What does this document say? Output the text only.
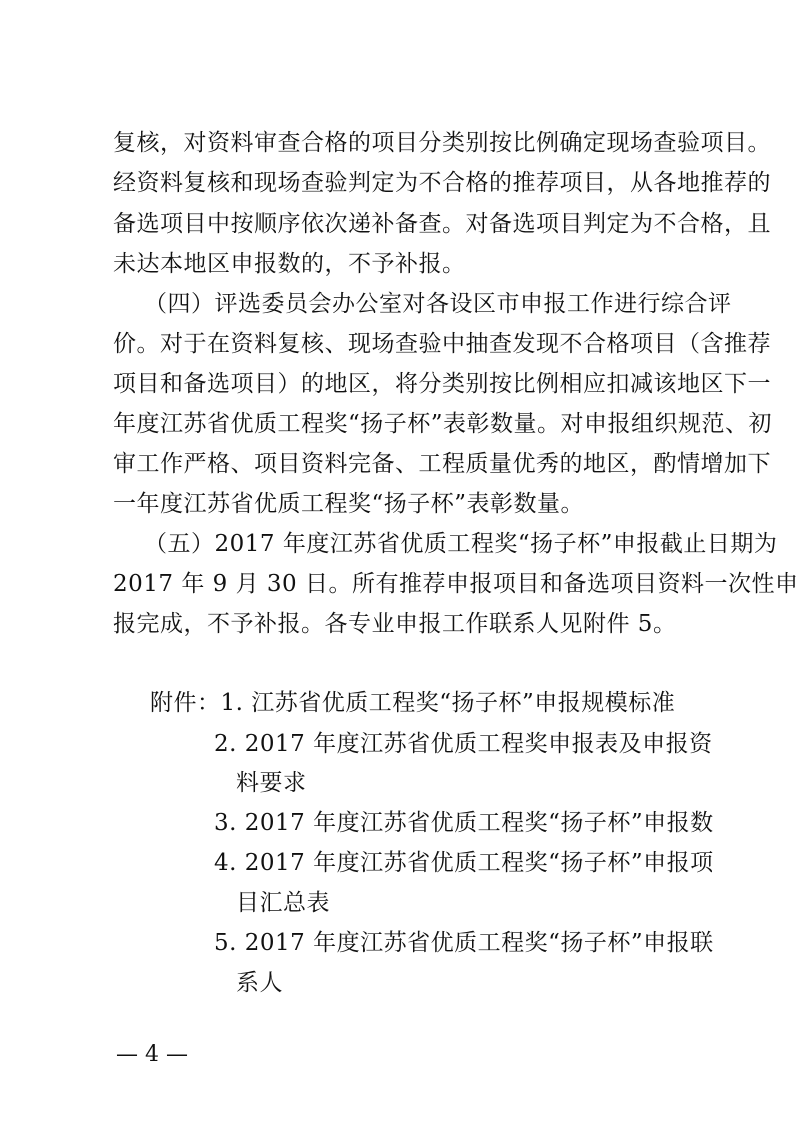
复核，对资料审查合格的项目分类别按比例确定现场查验项目。
经资料复核和现场查验判定为不合格的推荐项目，从各地推荐的
备选项目中按顺序依次递补备查。对备选项目判定为不合格，且
未达本地区申报数的，不予补报。
（四）评选委员会办公室对各设区市申报工作进行综合评
价。对于在资料复核、现场查验中抽查发现不合格项目（含推荐
项目和备选项目）的地区，将分类别按比例相应扣减该地区下一
年度江苏省优质工程奖“扬子杯”表彰数量。对申报组织规范、初
审工作严格、项目资料完备、工程质量优秀的地区，酌情增加下
一年度江苏省优质工程奖“扬子杯”表彰数量。
（五）2017 年度江苏省优质工程奖“扬子杯”申报截止日期为
2017 年 9 月 30 日。所有推荐申报项目和备选项目资料一次性申
报完成，不予补报。各专业申报工作联系人见附件 5。
附件：1. 江苏省优质工程奖“扬子杯”申报规模标准
2. 2017 年度江苏省优质工程奖申报表及申报资
料要求
3. 2017 年度江苏省优质工程奖“扬子杯”申报数
4. 2017 年度江苏省优质工程奖“扬子杯”申报项
目汇总表
5. 2017 年度江苏省优质工程奖“扬子杯”申报联
系人
— 4 —
